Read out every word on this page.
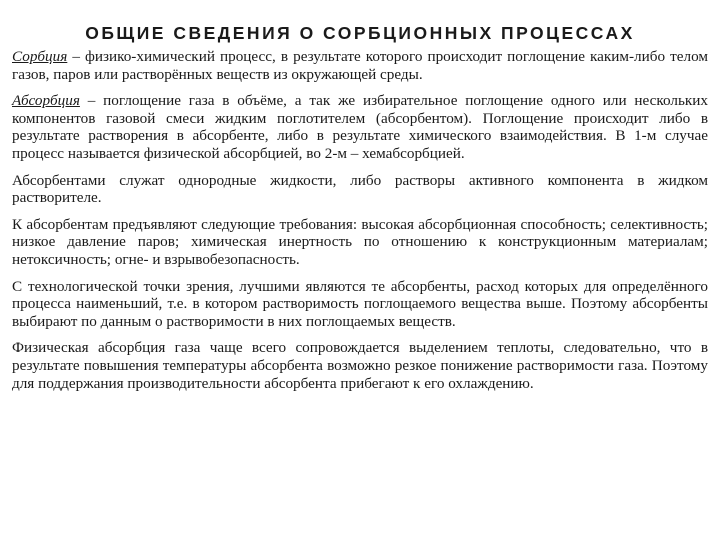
ОБЩИЕ СВЕДЕНИЯ О СОРБЦИОННЫХ ПРОЦЕССАХ

Сорбция – физико-химический процесс, в результате которого происходит поглощение каким-либо телом газов, паров или растворённых веществ из окружающей среды.

Абсорбция – поглощение газа в объёме, а так же избирательное поглощение одного или нескольких компонентов газовой смеси жидким поглотителем (абсорбентом). Поглощение происходит либо в результате растворения в абсорбенте, либо в результате химического взаимодействия. В 1-м случае процесс называется физической абсорбцией, во 2-м – хемабсорбцией.

Абсорбентами служат однородные жидкости, либо растворы активного компонента в жидком растворителе.

К абсорбентам предъявляют следующие требования: высокая абсорбционная способность; селективность; низкое давление паров; химическая инертность по отношению к конструкционным материалам; нетоксичность; огне- и взрывобезопасность.

С технологической точки зрения, лучшими являются те абсорбенты, расход которых для определённого процесса наименьший, т.е. в котором растворимость поглощаемого вещества выше. Поэтому абсорбенты выбирают по данным о растворимости в них поглощаемых веществ.

Физическая абсорбция газа чаще всего сопровождается выделением теплоты, следовательно, что в результате повышения температуры абсорбента возможно резкое понижение растворимости газа. Поэтому для поддержания производительности абсорбента прибегают к его охлаждению.
